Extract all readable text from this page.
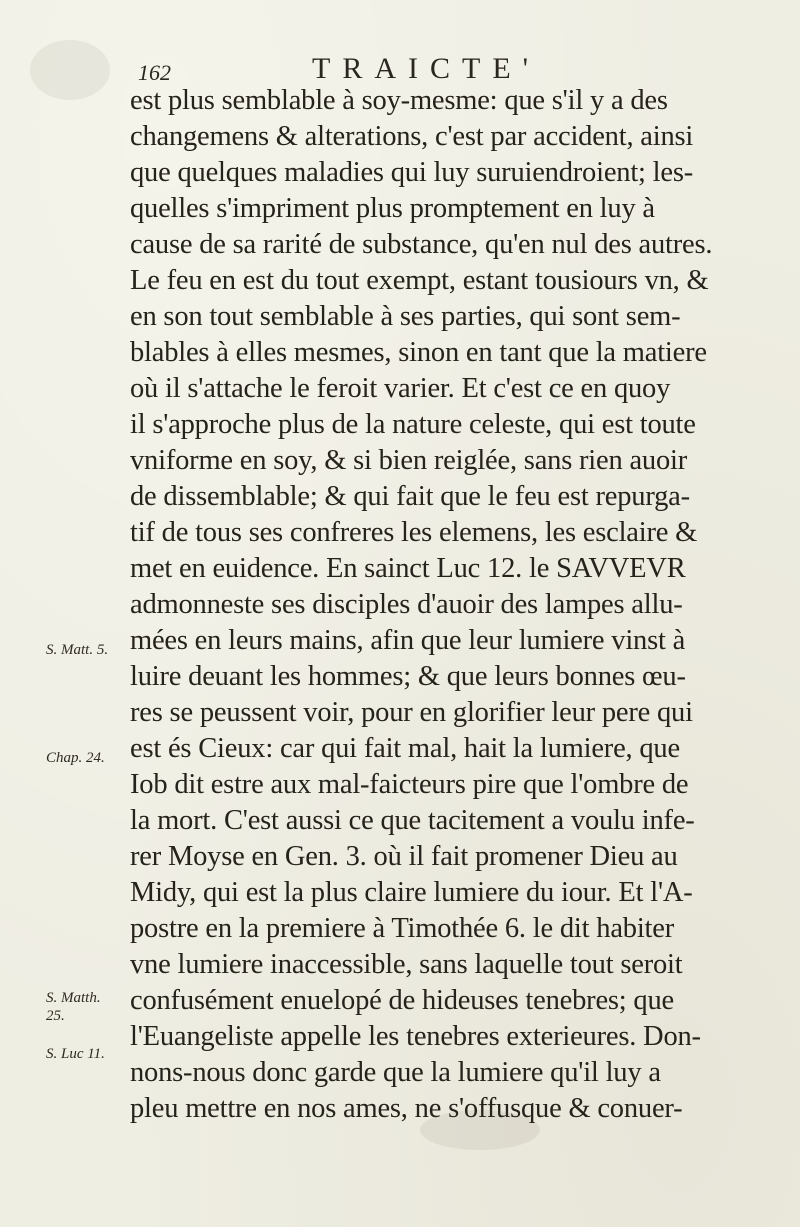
162	TRAICTE'
est plus semblable à soy-mesme: que s'il y a des
changemens & alterations, c'est par accident, ainsi
que quelques maladies qui luy suruiendroient; les-
quelles s'impriment plus promptement en luy à
cause de sa rarité de substance, qu'en nul des autres.
Le feu en est du tout exempt, estant tousiours vn, &
en son tout semblable à ses parties, qui sont sem-
blables à elles mesmes, sinon en tant que la matiere
où il s'attache le feroit varier. Et c'est ce en quoy
il s'approche plus de la nature celeste, qui est toute
vniforme en soy, & si bien reiglée, sans rien auoir
de dissemblable; & qui fait que le feu est repurga-
tif de tous ses confreres les elemens, les esclaire &
met en euidence. En sainct Luc 12. le SAVVEVR
admonneste ses disciples d'auoir des lampes allu-
mées en leurs mains, afin que leur lumiere vinst à
luire deuant les hommes; & que leurs bonnes œu-
res se peussent voir, pour en glorifier leur pere qui
est és Cieux: car qui fait mal, hait la lumiere, que
Iob dit estre aux mal-faicteurs pire que l'ombre de
la mort. C'est aussi ce que tacitement a voulu infe-
rer Moyse en Gen. 3. où il fait promener Dieu au
Midy, qui est la plus claire lumiere du iour. Et l'A-
postre en la premiere à Timothée 6. le dit habiter
vne lumiere inaccessible, sans laquelle tout seroit
confusément enuelopé de hideuses tenebres; que
l'Euangeliste appelle les tenebres exterieures. Don-
nons-nous donc garde que la lumiere qu'il luy a
pleu mettre en nos ames, ne s'offusque & conuer-
S. Matt. 5.
Chap. 24.
S. Matth.
25.
S. Luc 11.
